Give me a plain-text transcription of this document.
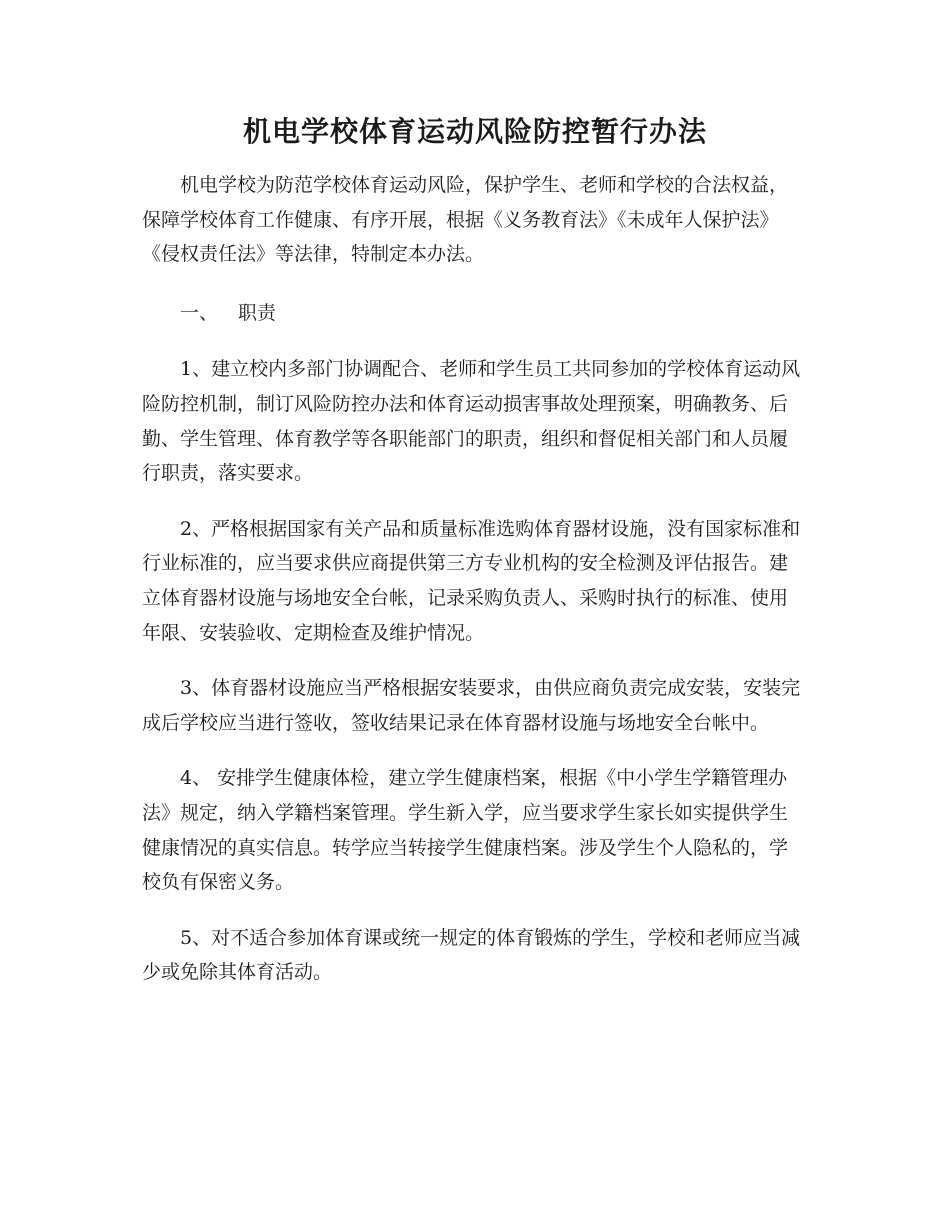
机电学校体育运动风险防控暂行办法

机电学校为防范学校体育运动风险，保护学生、老师和学校的合法权益，保障学校体育工作健康、有序开展，根据《义务教育法》《未成年人保护法》《侵权责任法》等法律，特制定本办法。

一、 职责

1、建立校内多部门协调配合、老师和学生员工共同参加的学校体育运动风险防控机制，制订风险防控办法和体育运动损害事故处理预案，明确教务、后勤、学生管理、体育教学等各职能部门的职责，组织和督促相关部门和人员履行职责，落实要求。

2、严格根据国家有关产品和质量标准选购体育器材设施，没有国家标准和行业标准的，应当要求供应商提供第三方专业机构的安全检测及评估报告。建立体育器材设施与场地安全台帐，记录采购负责人、采购时执行的标准、使用年限、安装验收、定期检查及维护情况。

3、体育器材设施应当严格根据安装要求，由供应商负责完成安装，安装完成后学校应当进行签收，签收结果记录在体育器材设施与场地安全台帐中。

4、 安排学生健康体检，建立学生健康档案，根据《中小学生学籍管理办法》规定，纳入学籍档案管理。学生新入学，应当要求学生家长如实提供学生健康情况的真实信息。转学应当转接学生健康档案。涉及学生个人隐私的，学校负有保密义务。

5、对不适合参加体育课或统一规定的体育锻炼的学生，学校和老师应当减少或免除其体育活动。
